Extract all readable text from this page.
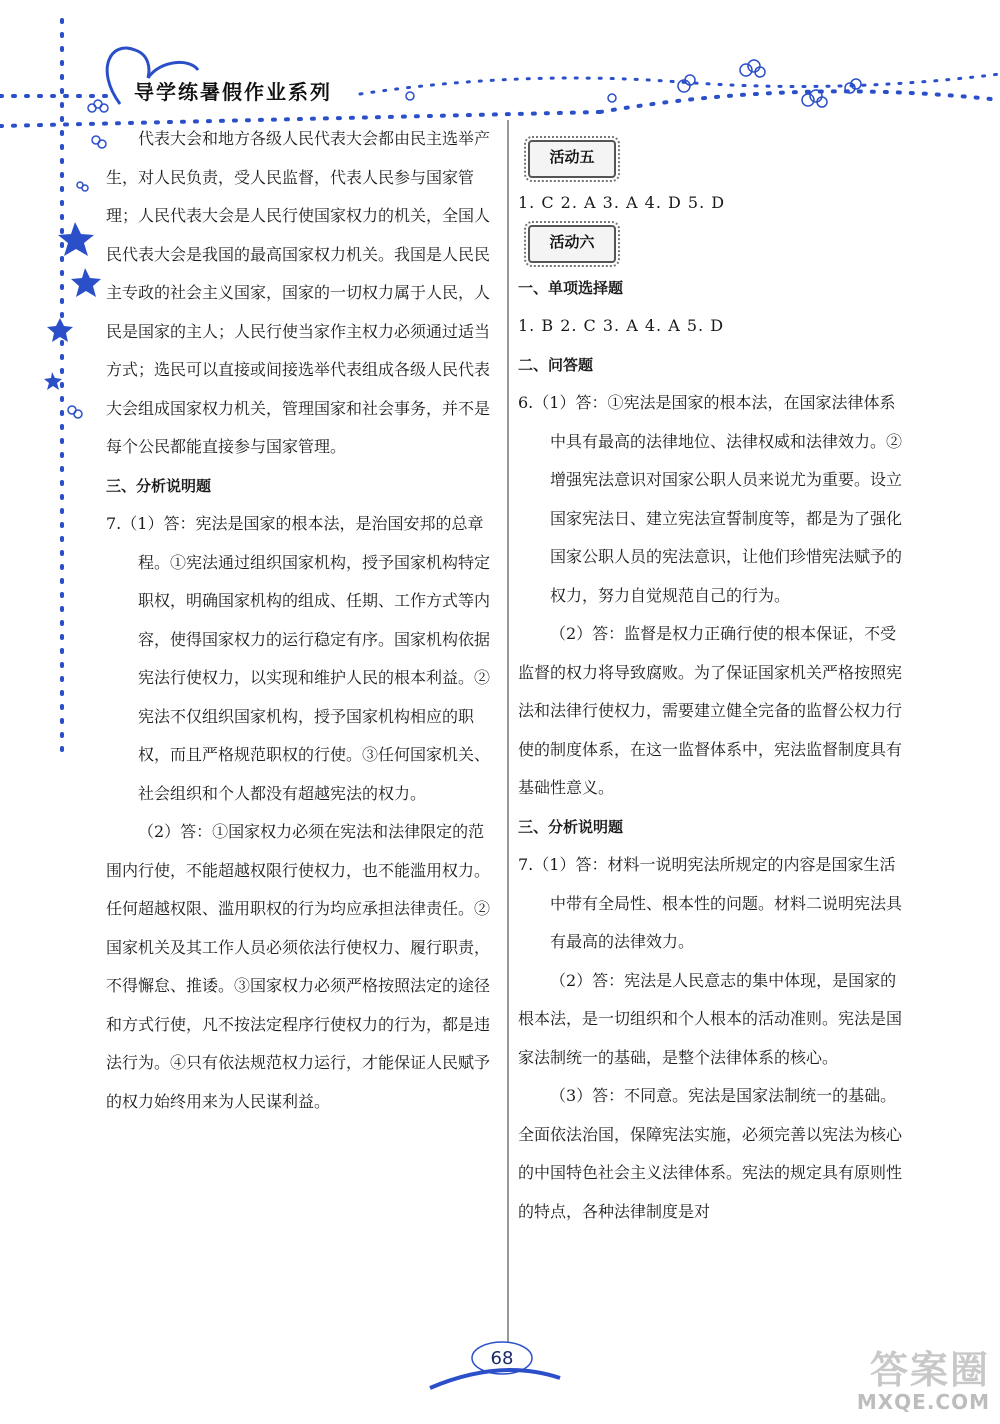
导学练暑假作业系列

代表大会和地方各级人民代表大会都由民主选举产生，对人民负责，受人民监督，代表人民参与国家管理；人民代表大会是人民行使国家权力的机关，全国人民代表大会是我国的最高国家权力机关。我国是人民民主专政的社会主义国家，国家的一切权力属于人民，人民是国家的主人；人民行使当家作主权力必须通过适当方式；选民可以直接或间接选举代表组成各级人民代表大会组成国家权力机关，管理国家和社会事务，并不是每个公民都能直接参与国家管理。

三、分析说明题

7.（1）答：宪法是国家的根本法，是治国安邦的总章程。①宪法通过组织国家机构，授予国家机构特定职权，明确国家机构的组成、任期、工作方式等内容，使得国家权力的运行稳定有序。国家机构依据宪法行使权力，以实现和维护人民的根本利益。②宪法不仅组织国家机构，授予国家机构相应的职权，而且严格规范职权的行使。③任何国家机关、社会组织和个人都没有超越宪法的权力。

（2）答：①国家权力必须在宪法和法律限定的范围内行使，不能超越权限行使权力，也不能滥用权力。任何超越权限、滥用职权的行为均应承担法律责任。②国家机关及其工作人员必须依法行使权力、履行职责，不得懈怠、推诿。③国家权力必须严格按照法定的途径和方式行使，凡不按法定程序行使权力的行为，都是违法行为。④只有依法规范权力运行，才能保证人民赋予的权力始终用来为人民谋利益。

活动五

1. C 2. A 3. A 4. D 5. D

活动六

一、单项选择题

1. B 2. C 3. A 4. A 5. D

二、问答题

6.（1）答：①宪法是国家的根本法，在国家法律体系中具有最高的法律地位、法律权威和法律效力。②增强宪法意识对国家公职人员来说尤为重要。设立国家宪法日、建立宪法宣誓制度等，都是为了强化国家公职人员的宪法意识，让他们珍惜宪法赋予的权力，努力自觉规范自己的行为。

（2）答：监督是权力正确行使的根本保证，不受监督的权力将导致腐败。为了保证国家机关严格按照宪法和法律行使权力，需要建立健全完备的监督公权力行使的制度体系，在这一监督体系中，宪法监督制度具有基础性意义。

三、分析说明题

7.（1）答：材料一说明宪法所规定的内容是国家生活中带有全局性、根本性的问题。材料二说明宪法具有最高的法律效力。

（2）答：宪法是人民意志的集中体现，是国家的根本法，是一切组织和个人根本的活动准则。宪法是国家法制统一的基础，是整个法律体系的核心。

（3）答：不同意。宪法是国家法制统一的基础。全面依法治国，保障宪法实施，必须完善以宪法为核心的中国特色社会主义法律体系。宪法的规定具有原则性的特点，各种法律制度是对

68	答案圈
MXQE.COM
